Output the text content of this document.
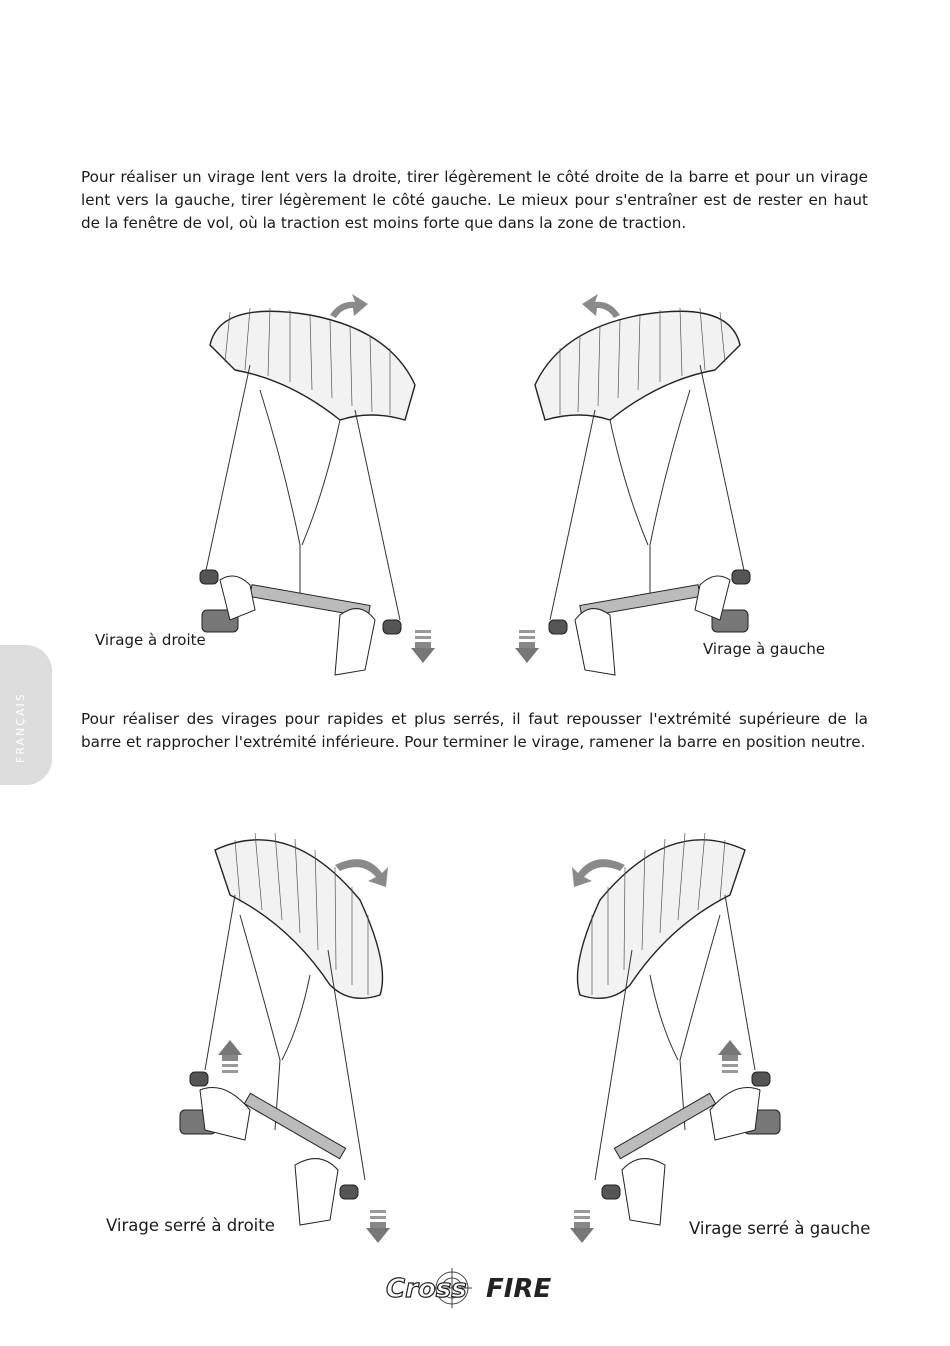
Pour réaliser un virage lent vers la droite, tirer légèrement le côté droite de la barre et pour un virage lent vers la gauche, tirer légèrement le côté gauche. Le mieux pour s'entraîner est de rester en haut de la fenêtre de vol, où la traction est moins forte que dans la zone de traction.
Pour réaliser des virages pour rapides et plus serrés, il faut repousser l'extrémité supérieure de la barre et rapprocher l'extrémité inférieure. Pour terminer le virage, ramener la barre en position neutre.
FRANÇAIS
Virage à droite	Virage à gauche
Virage serré à droite	Virage serré à gauche
Cross FIRE
